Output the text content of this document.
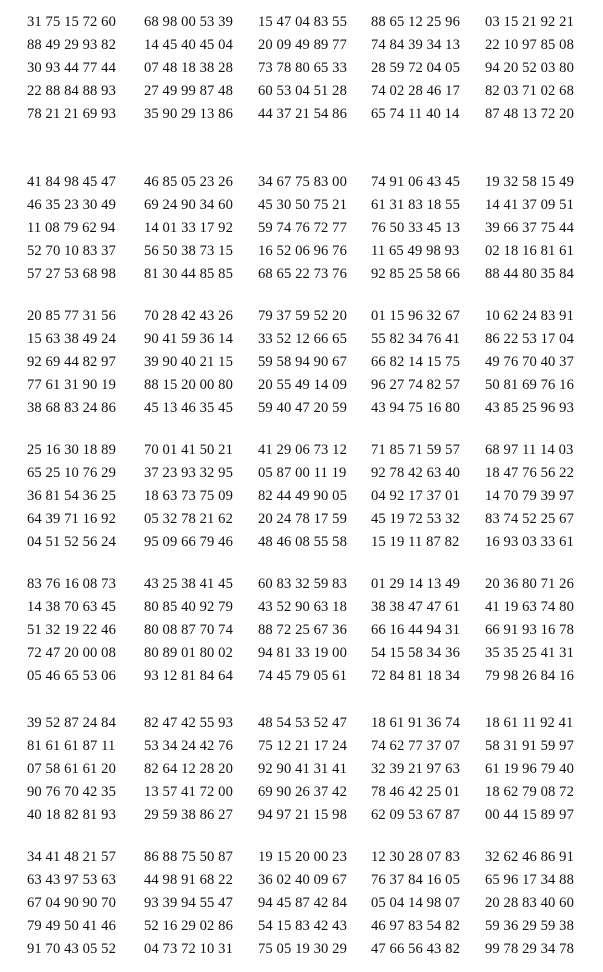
31 75 15 72 60 68 98 00 53 39 15 47 04 83 55 88 65 12 25 96 03 15 21 92 21
88 49 29 93 82 14 45 40 45 04 20 09 49 89 77 74 84 39 34 13 22 10 97 85 08
30 93 44 77 44 07 48 18 38 28 73 78 80 65 33 28 59 72 04 05 94 20 52 03 80
22 88 84 88 93 27 49 99 87 48 60 53 04 51 28 74 02 28 46 17 82 03 71 02 68
78 21 21 69 93 35 90 29 13 86 44 37 21 54 86 65 74 11 40 14 87 48 13 72 20
41 84 98 45 47 46 85 05 23 26 34 67 75 83 00 74 91 06 43 45 19 32 58 15 49
46 35 23 30 49 69 24 90 34 60 45 30 50 75 21 61 31 83 18 55 14 41 37 09 51
11 08 79 62 94 14 01 33 17 92 59 74 76 72 77 76 50 33 45 13 39 66 37 75 44
52 70 10 83 37 56 50 38 73 15 16 52 06 96 76 11 65 49 98 93 02 18 16 81 61
57 27 53 68 98 81 30 44 85 85 68 65 22 73 76 92 85 25 58 66 88 44 80 35 84
20 85 77 31 56 70 28 42 43 26 79 37 59 52 20 01 15 96 32 67 10 62 24 83 91
15 63 38 49 24 90 41 59 36 14 33 52 12 66 65 55 82 34 76 41 86 22 53 17 04
92 69 44 82 97 39 90 40 21 15 59 58 94 90 67 66 82 14 15 75 49 76 70 40 37
77 61 31 90 19 88 15 20 00 80 20 55 49 14 09 96 27 74 82 57 50 81 69 76 16
38 68 83 24 86 45 13 46 35 45 59 40 47 20 59 43 94 75 16 80 43 85 25 96 93
25 16 30 18 89 70 01 41 50 21 41 29 06 73 12 71 85 71 59 57 68 97 11 14 03
65 25 10 76 29 37 23 93 32 95 05 87 00 11 19 92 78 42 63 40 18 47 76 56 22
36 81 54 36 25 18 63 73 75 09 82 44 49 90 05 04 92 17 37 01 14 70 79 39 97
64 39 71 16 92 05 32 78 21 62 20 24 78 17 59 45 19 72 53 32 83 74 52 25 67
04 51 52 56 24 95 09 66 79 46 48 46 08 55 58 15 19 11 87 82 16 93 03 33 61
83 76 16 08 73 43 25 38 41 45 60 83 32 59 83 01 29 14 13 49 20 36 80 71 26
14 38 70 63 45 80 85 40 92 79 43 52 90 63 18 38 38 47 47 61 41 19 63 74 80
51 32 19 22 46 80 08 87 70 74 88 72 25 67 36 66 16 44 94 31 66 91 93 16 78
72 47 20 00 08 80 89 01 80 02 94 81 33 19 00 54 15 58 34 36 35 35 25 41 31
05 46 65 53 06 93 12 81 84 64 74 45 79 05 61 72 84 81 18 34 79 98 26 84 16
39 52 87 24 84 82 47 42 55 93 48 54 53 52 47 18 61 91 36 74 18 61 11 92 41
81 61 61 87 11 53 34 24 42 76 75 12 21 17 24 74 62 77 37 07 58 31 91 59 97
07 58 61 61 20 82 64 12 28 20 92 90 41 31 41 32 39 21 97 63 61 19 96 79 40
90 76 70 42 35 13 57 41 72 00 69 90 26 37 42 78 46 42 25 01 18 62 79 08 72
40 18 82 81 93 29 59 38 86 27 94 97 21 15 98 62 09 53 67 87 00 44 15 89 97
34 41 48 21 57 86 88 75 50 87 19 15 20 00 23 12 30 28 07 83 32 62 46 86 91
63 43 97 53 63 44 98 91 68 22 36 02 40 09 67 76 37 84 16 05 65 96 17 34 88
67 04 90 90 70 93 39 94 55 47 94 45 87 42 84 05 04 14 98 07 20 28 83 40 60
79 49 50 41 46 52 16 29 02 86 54 15 83 42 43 46 97 83 54 82 59 36 29 59 38
91 70 43 05 52 04 73 72 10 31 75 05 19 30 29 47 66 56 43 82 99 78 29 34 78
